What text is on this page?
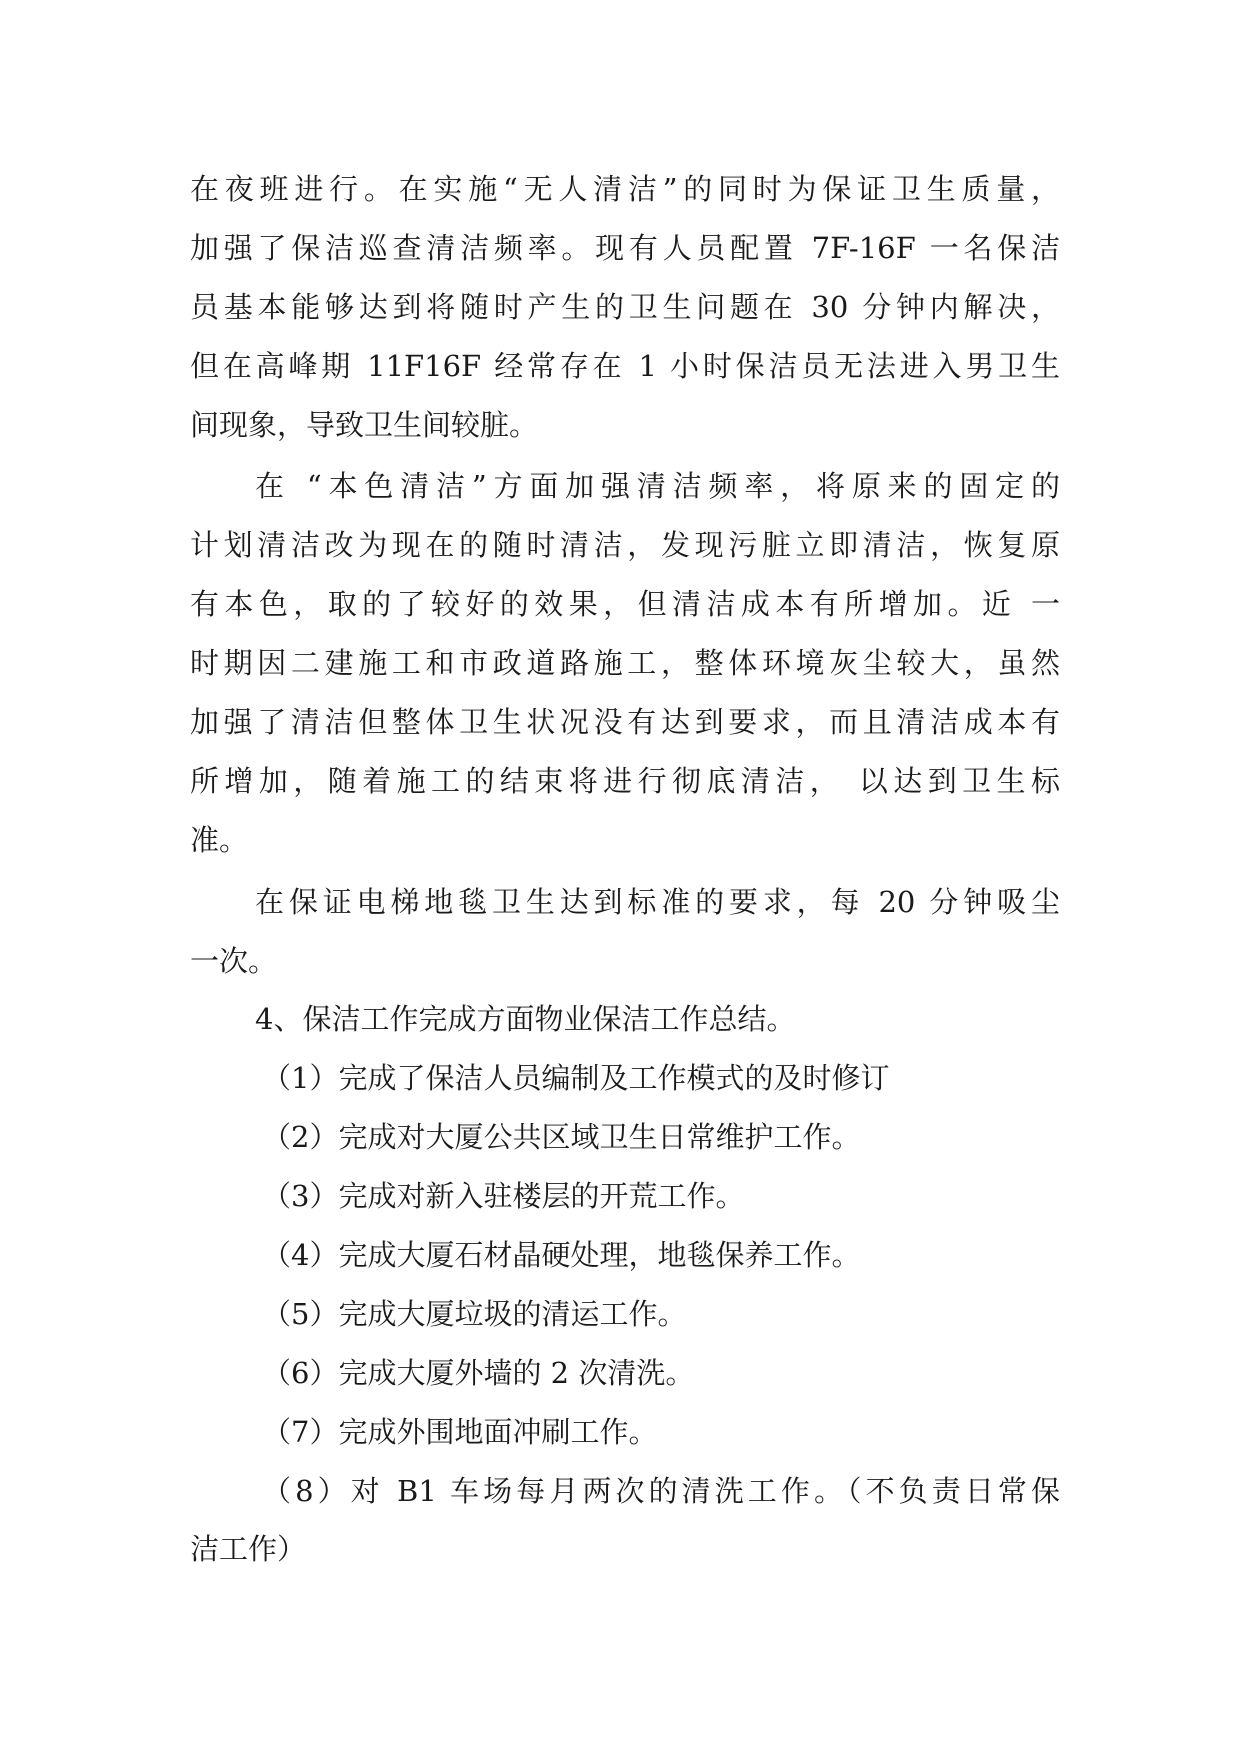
在夜班进行。在实施“无人清洁”的同时为保证卫生质量，
加强了保洁巡查清洁频率。现有人员配置 7F-16F 一名保洁
员基本能够达到将随时产生的卫生问题在 30 分钟内解决，
但在高峰期 11F16F 经常存在 1 小时保洁员无法进入男卫生
间现象，导致卫生间较脏。
在 “本色清洁”方面加强清洁频率，将原来的固定的
计划清洁改为现在的随时清洁，发现污脏立即清洁，恢复原
有本色，取的了较好的效果，但清洁成本有所增加。近 一
时期因二建施工和市政道路施工，整体环境灰尘较大，虽然
加强了清洁但整体卫生状况没有达到要求，而且清洁成本有
所增加，随着施工的结束将进行彻底清洁， 以达到卫生标
准。
在保证电梯地毯卫生达到标准的要求，每 20 分钟吸尘
一次。
4、保洁工作完成方面物业保洁工作总结。
（1）完成了保洁人员编制及工作模式的及时修订
（2）完成对大厦公共区域卫生日常维护工作。
（3）完成对新入驻楼层的开荒工作。
（4）完成大厦石材晶硬处理，地毯保养工作。
（5）完成大厦垃圾的清运工作。
（6）完成大厦外墙的 2 次清洗。
（7）完成外围地面冲刷工作。
（8）对 B1 车场每月两次的清洗工作。（不负责日常保
洁工作）
